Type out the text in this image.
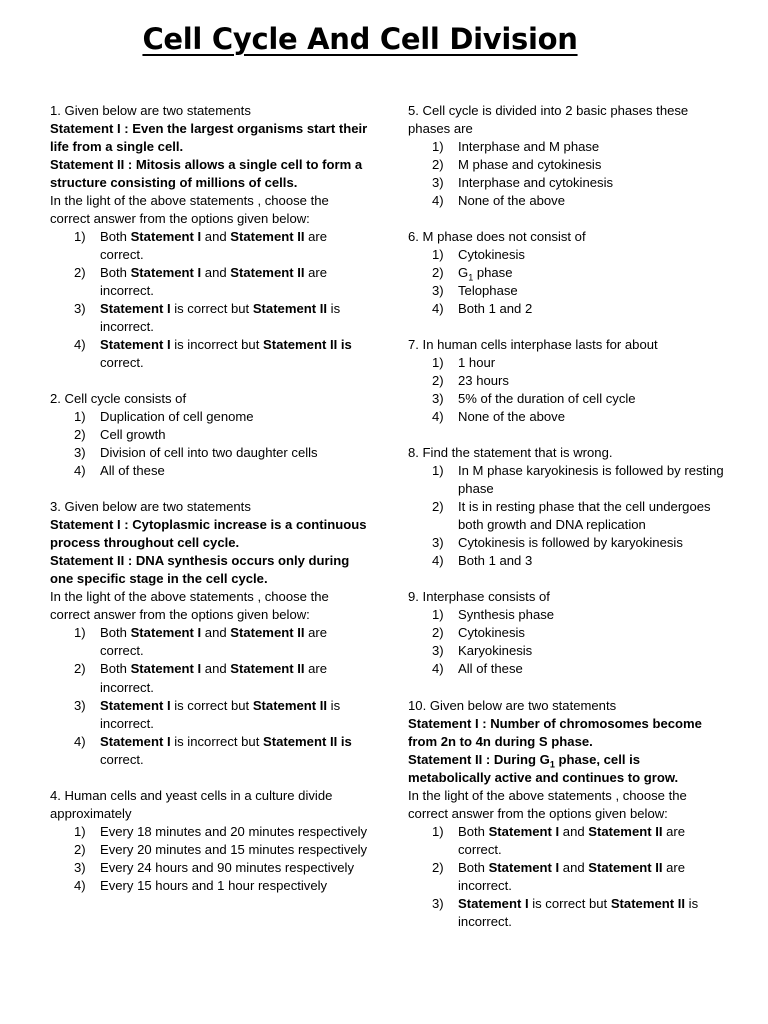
Cell Cycle And Cell Division
1. Given below are two statements
Statement I : Even the largest organisms start their life from a single cell.
Statement II : Mitosis allows a single cell to form a structure consisting of millions of cells.
In the light of the above statements , choose the correct answer from the options given below:
1) Both Statement I and Statement II are correct.
2) Both Statement I and Statement II are incorrect.
3) Statement I is correct but Statement II is incorrect.
4) Statement I is incorrect but Statement II is correct.
2. Cell cycle consists of
1) Duplication of cell genome
2) Cell growth
3) Division of cell into two daughter cells
4) All of these
3. Given below are two statements
Statement I : Cytoplasmic increase is a continuous process throughout cell cycle.
Statement II : DNA synthesis occurs only during one specific stage in the cell cycle.
In the light of the above statements , choose the correct answer from the options given below:
1) Both Statement I and Statement II are correct.
2) Both Statement I and Statement II are incorrect.
3) Statement I is correct but Statement II is incorrect.
4) Statement I is incorrect but Statement II is correct.
4. Human cells and yeast cells in a culture divide approximately
1) Every 18 minutes and 20 minutes respectively
2) Every 20 minutes and 15 minutes respectively
3) Every 24 hours and 90 minutes respectively
4) Every 15 hours and 1 hour respectively
5. Cell cycle is divided into 2 basic phases these phases are
1) Interphase and M phase
2) M phase and cytokinesis
3) Interphase and cytokinesis
4) None of the above
6. M phase does not consist of
1) Cytokinesis
2) $G_1$ phase
3) Telophase
4) Both 1 and 2
7. In human cells interphase lasts for about
1) 1 hour
2) 23 hours
3) 5% of the duration of cell cycle
4) None of the above
8. Find the statement that is wrong.
1) In M phase karyokinesis is followed by resting phase
2) It is in resting phase that the cell undergoes both growth and DNA replication
3) Cytokinesis is followed by karyokinesis
4) Both 1 and 3
9. Interphase consists of
1) Synthesis phase
2) Cytokinesis
3) Karyokinesis
4) All of these
10. Given below are two statements
Statement I : Number of chromosomes become from 2n to 4n during S phase.
Statement II : During $G_1$ phase, cell is metabolically active and continues to grow.
In the light of the above statements , choose the correct answer from the options given below:
1) Both Statement I and Statement II are correct.
2) Both Statement I and Statement II are incorrect.
3) Statement I is correct but Statement II is incorrect.
